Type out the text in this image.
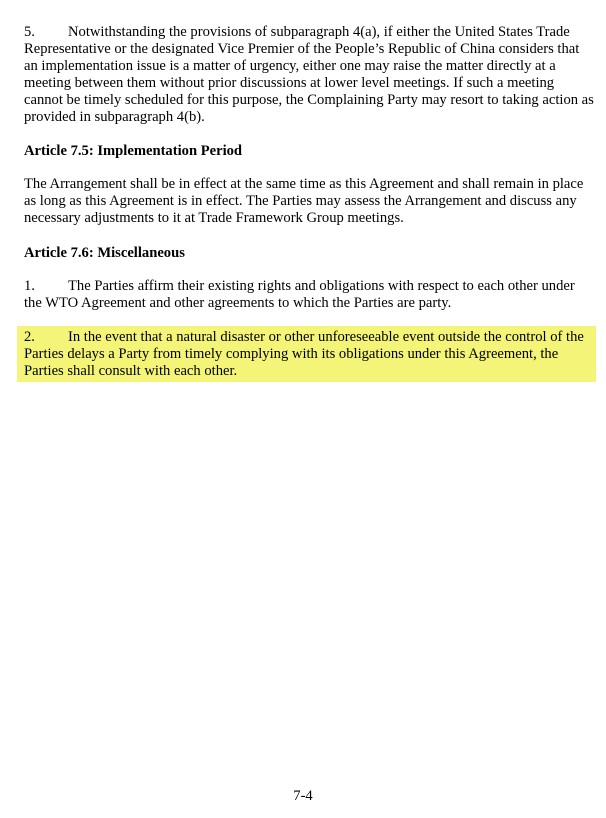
5. Notwithstanding the provisions of subparagraph 4(a), if either the United States Trade Representative or the designated Vice Premier of the People’s Republic of China considers that an implementation issue is a matter of urgency, either one may raise the matter directly at a meeting between them without prior discussions at lower level meetings. If such a meeting cannot be timely scheduled for this purpose, the Complaining Party may resort to taking action as provided in subparagraph 4(b).

Article 7.5: Implementation Period

The Arrangement shall be in effect at the same time as this Agreement and shall remain in place as long as this Agreement is in effect. The Parties may assess the Arrangement and discuss any necessary adjustments to it at Trade Framework Group meetings.

Article 7.6: Miscellaneous

1. The Parties affirm their existing rights and obligations with respect to each other under the WTO Agreement and other agreements to which the Parties are party.

2. In the event that a natural disaster or other unforeseeable event outside the control of the Parties delays a Party from timely complying with its obligations under this Agreement, the Parties shall consult with each other.

7-4
